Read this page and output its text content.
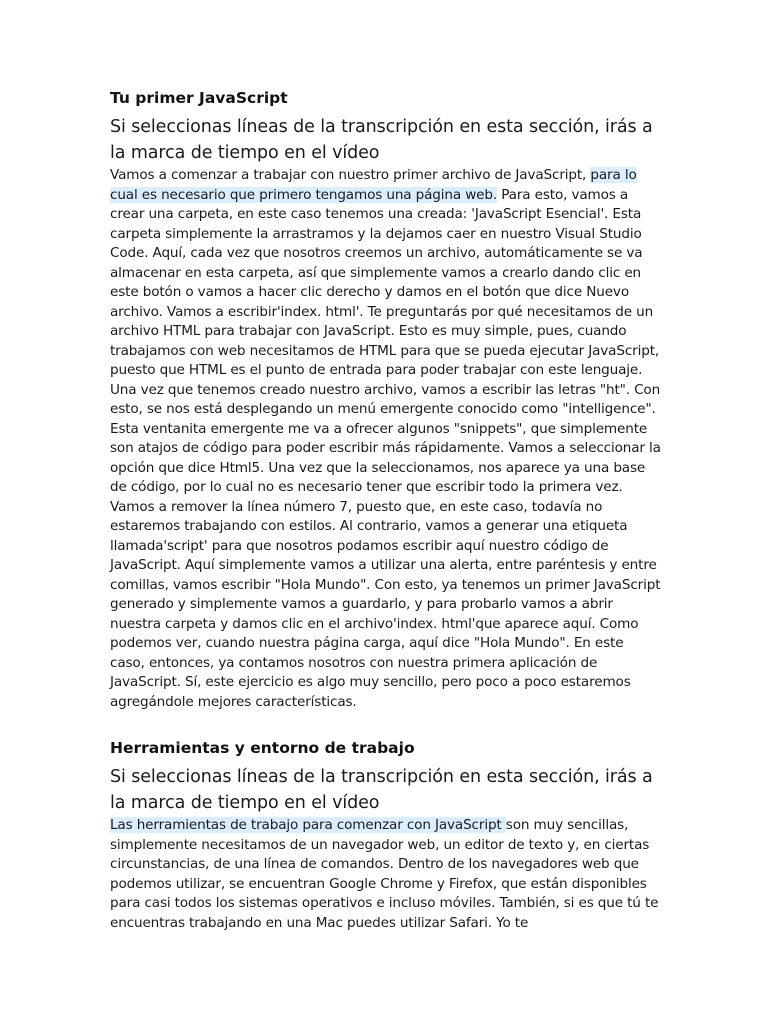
Tu primer JavaScript

Si seleccionas líneas de la transcripción en esta sección, irás a la marca de tiempo en el vídeo

Vamos a comenzar a trabajar con nuestro primer archivo de JavaScript, para lo cual es necesario que primero tengamos una página web. Para esto, vamos a crear una carpeta, en este caso tenemos una creada: 'JavaScript Esencial'. Esta carpeta simplemente la arrastramos y la dejamos caer en nuestro Visual Studio Code. Aquí, cada vez que nosotros creemos un archivo, automáticamente se va almacenar en esta carpeta, así que simplemente vamos a crearlo dando clic en este botón o vamos a hacer clic derecho y damos en el botón que dice Nuevo archivo. Vamos a escribir'index. html'. Te preguntarás por qué necesitamos de un archivo HTML para trabajar con JavaScript. Esto es muy simple, pues, cuando trabajamos con web necesitamos de HTML para que se pueda ejecutar JavaScript, puesto que HTML es el punto de entrada para poder trabajar con este lenguaje. Una vez que tenemos creado nuestro archivo, vamos a escribir las letras "ht". Con esto, se nos está desplegando un menú emergente conocido como "intelligence". Esta ventanita emergente me va a ofrecer algunos "snippets", que simplemente son atajos de código para poder escribir más rápidamente. Vamos a seleccionar la opción que dice Html5. Una vez que la seleccionamos, nos aparece ya una base de código, por lo cual no es necesario tener que escribir todo la primera vez. Vamos a remover la línea número 7, puesto que, en este caso, todavía no estaremos trabajando con estilos. Al contrario, vamos a generar una etiqueta llamada'script' para que nosotros podamos escribir aquí nuestro código de JavaScript. Aquí simplemente vamos a utilizar una alerta, entre paréntesis y entre comillas, vamos escribir "Hola Mundo". Con esto, ya tenemos un primer JavaScript generado y simplemente vamos a guardarlo, y para probarlo vamos a abrir nuestra carpeta y damos clic en el archivo'index. html'que aparece aquí. Como podemos ver, cuando nuestra página carga, aquí dice "Hola Mundo". En este caso, entonces, ya contamos nosotros con nuestra primera aplicación de JavaScript. Sí, este ejercicio es algo muy sencillo, pero poco a poco estaremos agregándole mejores características.

Herramientas y entorno de trabajo

Si seleccionas líneas de la transcripción en esta sección, irás a la marca de tiempo en el vídeo

Las herramientas de trabajo para comenzar con JavaScript son muy sencillas, simplemente necesitamos de un navegador web, un editor de texto y, en ciertas circunstancias, de una línea de comandos. Dentro de los navegadores web que podemos utilizar, se encuentran Google Chrome y Firefox, que están disponibles para casi todos los sistemas operativos e incluso móviles. También, si es que tú te encuentras trabajando en una Mac puedes utilizar Safari. Yo te
